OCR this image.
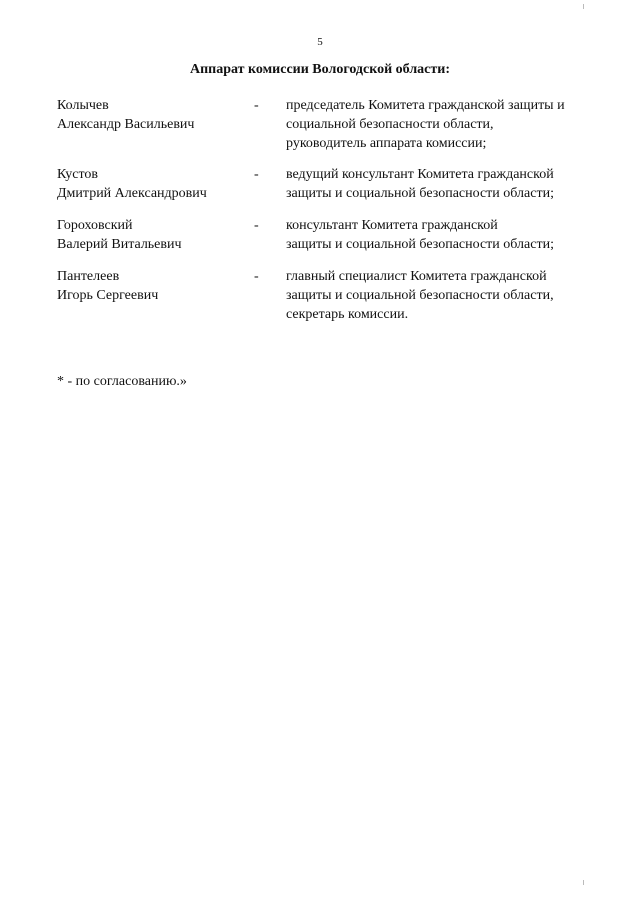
5
Аппарат комиссии Вологодской области:
Колычев
Александр Васильевич
- председатель Комитета гражданской защиты и
социальной безопасности области,
руководитель аппарата комиссии;
Кустов
Дмитрий Александрович
- ведущий консультант Комитета гражданской
защиты и социальной безопасности области;
Гороховский
Валерий Витальевич
- консультант Комитета гражданской
защиты и социальной безопасности области;
Пантелеев
Игорь Сергеевич
- главный специалист Комитета гражданской
защиты и социальной безопасности области,
секретарь комиссии.
* - по согласованию.»
